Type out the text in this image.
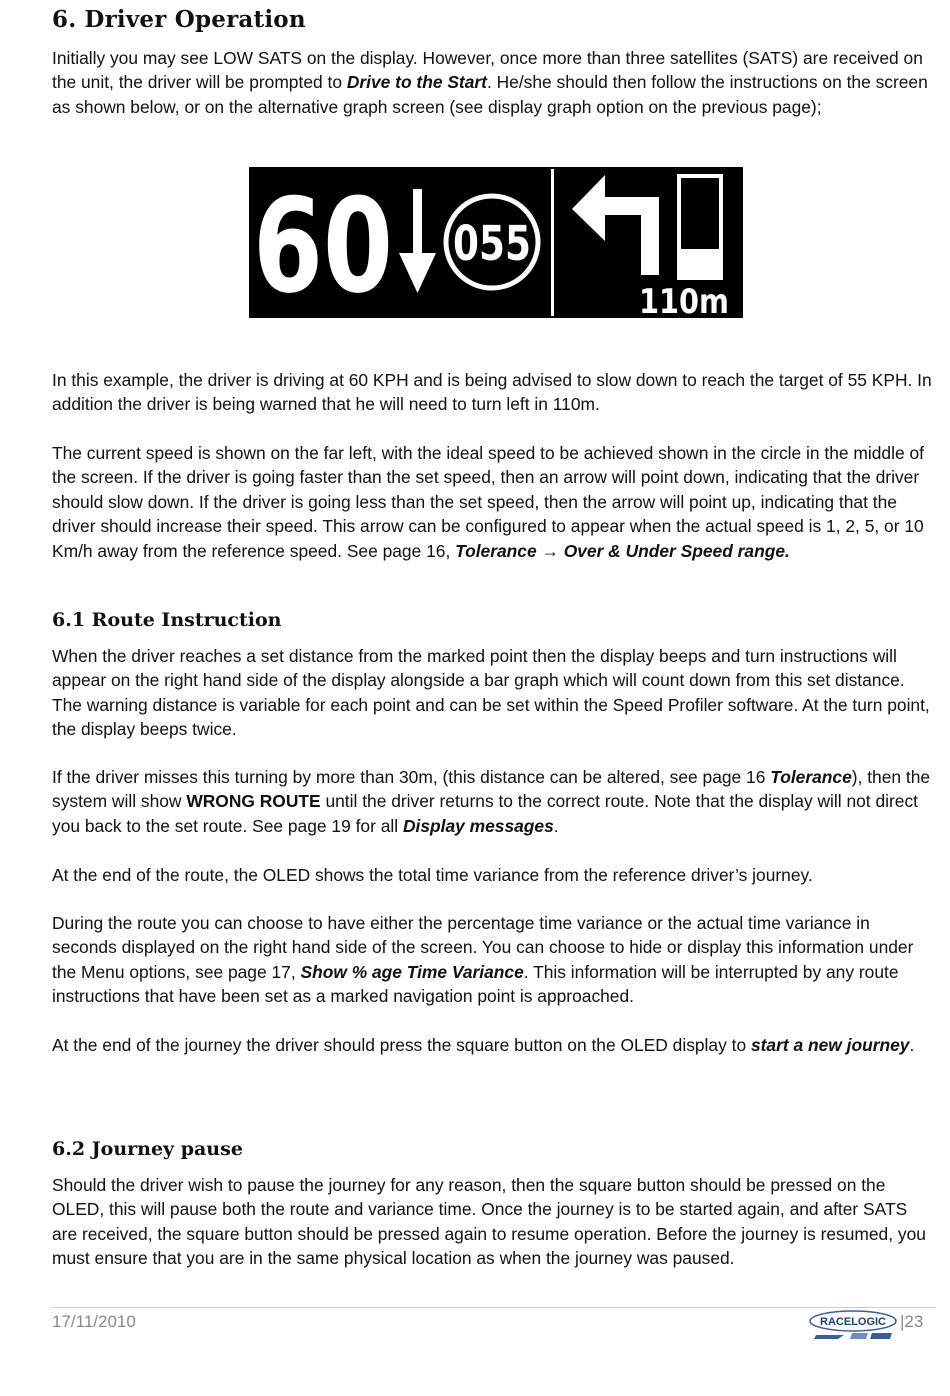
6. Driver Operation

Initially you may see LOW SATS on the display. However, once more than three satellites (SATS) are received on the unit, the driver will be prompted to Drive to the Start. He/she should then follow the instructions on the screen as shown below, or on the alternative graph screen (see display graph option on the previous page);

60 055
110m

In this example, the driver is driving at 60 KPH and is being advised to slow down to reach the target of 55 KPH. In addition the driver is being warned that he will need to turn left in 110m.

The current speed is shown on the far left, with the ideal speed to be achieved shown in the circle in the middle of the screen. If the driver is going faster than the set speed, then an arrow will point down, indicating that the driver should slow down. If the driver is going less than the set speed, then the arrow will point up, indicating that the driver should increase their speed. This arrow can be configured to appear when the actual speed is 1, 2, 5, or 10 Km/h away from the reference speed. See page 16, Tolerance → Over & Under Speed range.

6.1 Route Instruction

When the driver reaches a set distance from the marked point then the display beeps and turn instructions will appear on the right hand side of the display alongside a bar graph which will count down from this set distance. The warning distance is variable for each point and can be set within the Speed Profiler software. At the turn point, the display beeps twice.

If the driver misses this turning by more than 30m, (this distance can be altered, see page 16 Tolerance), then the system will show WRONG ROUTE until the driver returns to the correct route. Note that the display will not direct you back to the set route. See page 19 for all Display messages.

At the end of the route, the OLED shows the total time variance from the reference driver’s journey.

During the route you can choose to have either the percentage time variance or the actual time variance in seconds displayed on the right hand side of the screen. You can choose to hide or display this information under the Menu options, see page 17, Show % age Time Variance. This information will be interrupted by any route instructions that have been set as a marked navigation point is approached.

At the end of the journey the driver should press the square button on the OLED display to start a new journey.

6.2 Journey pause

Should the driver wish to pause the journey for any reason, then the square button should be pressed on the OLED, this will pause both the route and variance time. Once the journey is to be started again, and after SATS are received, the square button should be pressed again to resume operation. Before the journey is resumed, you must ensure that you are in the same physical location as when the journey was paused.

17/11/2010	RACELOGIC |23
